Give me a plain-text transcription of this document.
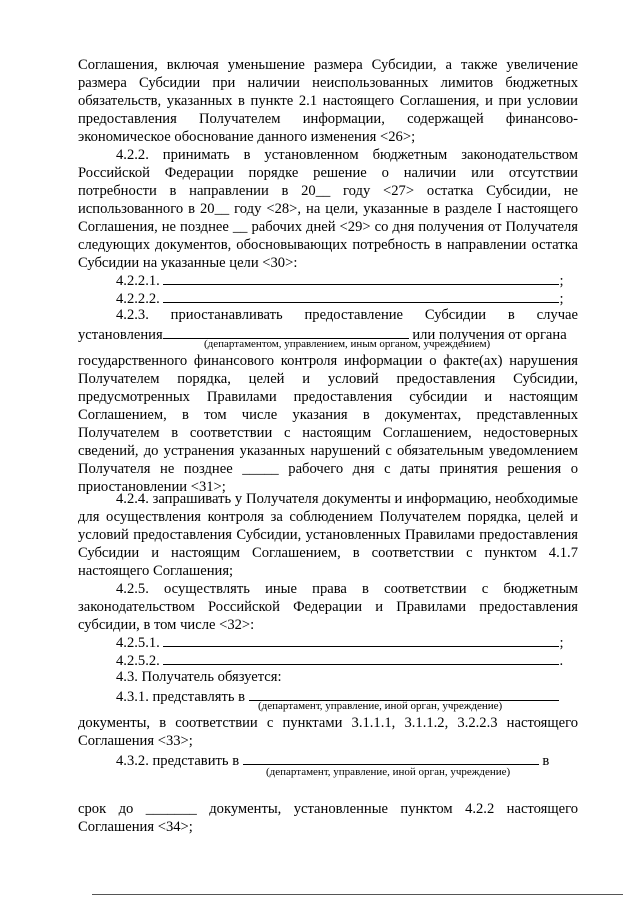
Соглашения, включая уменьшение размера Субсидии, а также увеличение размера Субсидии при наличии неиспользованных лимитов бюджетных обязательств, указанных в пункте 2.1 настоящего Соглашения, и при условии предоставления Получателем информации, содержащей финансово-экономическое обоснование данного изменения <26>;
4.2.2. принимать в установленном бюджетным законодательством Российской Федерации порядке решение о наличии или отсутствии потребности в направлении в 20__ году <27> остатка Субсидии, не использованного в 20__ году <28>, на цели, указанные в разделе I настоящего Соглашения, не позднее __ рабочих дней <29> со дня получения от Получателя следующих документов, обосновывающих потребность в направлении остатка Субсидии на указанные цели <30>:
4.2.2.1.	;
4.2.2.2.	;
4.2.3. приостанавливать предоставление Субсидии в случае
установления	или получения от органа
(департаментом, управлением, иным органом, учреждением)
государственного финансового контроля информации о факте(ах) нарушения Получателем порядка, целей и условий предоставления Субсидии, предусмотренных Правилами предоставления субсидии и настоящим Соглашением, в том числе указания в документах, представленных Получателем в соответствии с настоящим Соглашением, недостоверных сведений, до устранения указанных нарушений с обязательным уведомлением Получателя не позднее _____ рабочего дня с даты принятия решения о приостановлении <31>;
4.2.4. запрашивать у Получателя документы и информацию, необходимые для осуществления контроля за соблюдением Получателем порядка, целей и условий предоставления Субсидии, установленных Правилами предоставления Субсидии и настоящим Соглашением, в соответствии с пунктом 4.1.7 настоящего Соглашения;
4.2.5. осуществлять иные права в соответствии с бюджетным законодательством Российской Федерации и Правилами предоставления субсидии, в том числе <32>:
4.2.5.1.	;
4.2.5.2.	.
4.3. Получатель обязуется:
4.3.1. представлять в
(департамент, управление, иной орган, учреждение)
документы, в соответствии с пунктами 3.1.1.1, 3.1.1.2, 3.2.2.3 настоящего Соглашения <33>;
4.3.2. представить в	в
(департамент, управление, иной орган, учреждение)
срок до _______ документы, установленные пунктом 4.2.2 настоящего Соглашения <34>;
